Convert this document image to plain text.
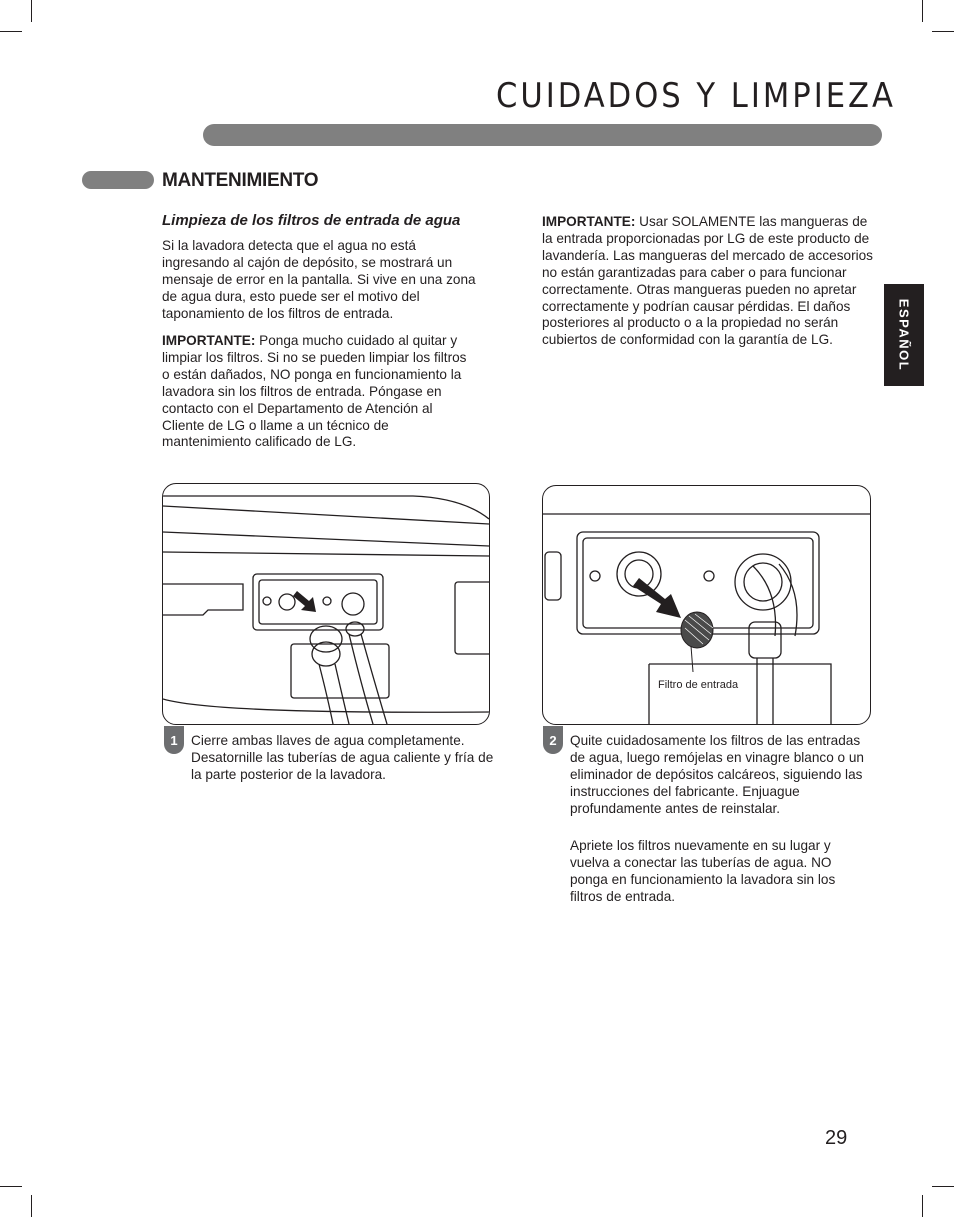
CUIDADOS Y LIMPIEZA
MANTENIMIENTO
Limpieza de los filtros de entrada de agua
Si la lavadora detecta que el agua no está ingresando al cajón de depósito, se mostrará un mensaje de error en la pantalla. Si vive en una zona de agua dura, esto puede ser el motivo del taponamiento de los filtros de entrada.
IMPORTANTE: Ponga mucho cuidado al quitar y limpiar los filtros. Si no se pueden limpiar los filtros o están dañados, NO ponga en funcionamiento la lavadora sin los filtros de entrada. Póngase en contacto con el Departamento de Atención al Cliente de LG o llame a un técnico de mantenimiento calificado de LG.
IMPORTANTE: Usar SOLAMENTE las mangueras de la entrada proporcionadas por LG de este producto de lavandería. Las mangueras del mercado de accesorios no están garantizadas para caber o para funcionar correctamente. Otras mangueras pueden no apretar correctamente y podrían causar pérdidas. El daños posteriores al producto o a la propiedad no serán cubiertos de conformidad con la garantía de LG.	ESPAÑOL
1 Cierre ambas llaves de agua completamente. Desatornille las tuberías de agua caliente y fría de la parte posterior de la lavadora.
Filtro de entrada
2 Quite cuidadosamente los filtros de las entradas de agua, luego remójelas en vinagre blanco o un eliminador de depósitos calcáreos, siguiendo las instrucciones del fabricante. Enjuague profundamente antes de reinstalar.
Apriete los filtros nuevamente en su lugar y vuelva a conectar las tuberías de agua. NO ponga en funcionamiento la lavadora sin los filtros de entrada.
29
